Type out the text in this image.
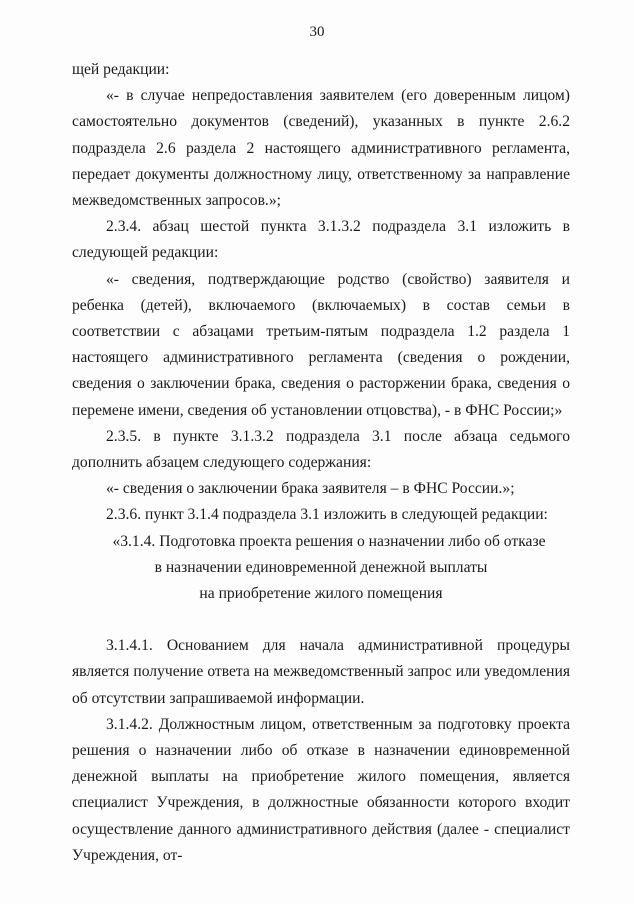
30

щей редакции:

«- в случае непредоставления заявителем (его доверенным лицом) самостоятельно документов (сведений), указанных в пункте 2.6.2 подраздела 2.6 раздела 2 настоящего административного регламента, передает документы должностному лицу, ответственному за направление межведомственных запросов.»;

2.3.4. абзац шестой пункта 3.1.3.2 подраздела 3.1 изложить в следующей редакции:

«- сведения, подтверждающие родство (свойство) заявителя и ребенка (детей), включаемого (включаемых) в состав семьи в соответствии с абзацами третьим-пятым подраздела 1.2 раздела 1 настоящего административного регламента (сведения о рождении, сведения о заключении брака, сведения о расторжении брака, сведения о перемене имени, сведения об установлении отцовства), - в ФНС России;»

2.3.5. в пункте 3.1.3.2 подраздела 3.1 после абзаца седьмого дополнить абзацем следующего содержания:

«- сведения о заключении брака заявителя – в ФНС России.»;

2.3.6. пункт 3.1.4 подраздела 3.1 изложить в следующей редакции:

«3.1.4. Подготовка проекта решения о назначении либо об отказе

в назначении единовременной денежной выплаты

на приобретение жилого помещения

3.1.4.1. Основанием для начала административной процедуры является получение ответа на межведомственный запрос или уведомления об отсутствии запрашиваемой информации.

3.1.4.2. Должностным лицом, ответственным за подготовку проекта решения о назначении либо об отказе в назначении единовременной денежной выплаты на приобретение жилого помещения, является специалист Учреждения, в должностные обязанности которого входит осуществление данного административного действия (далее - специалист Учреждения, от-
